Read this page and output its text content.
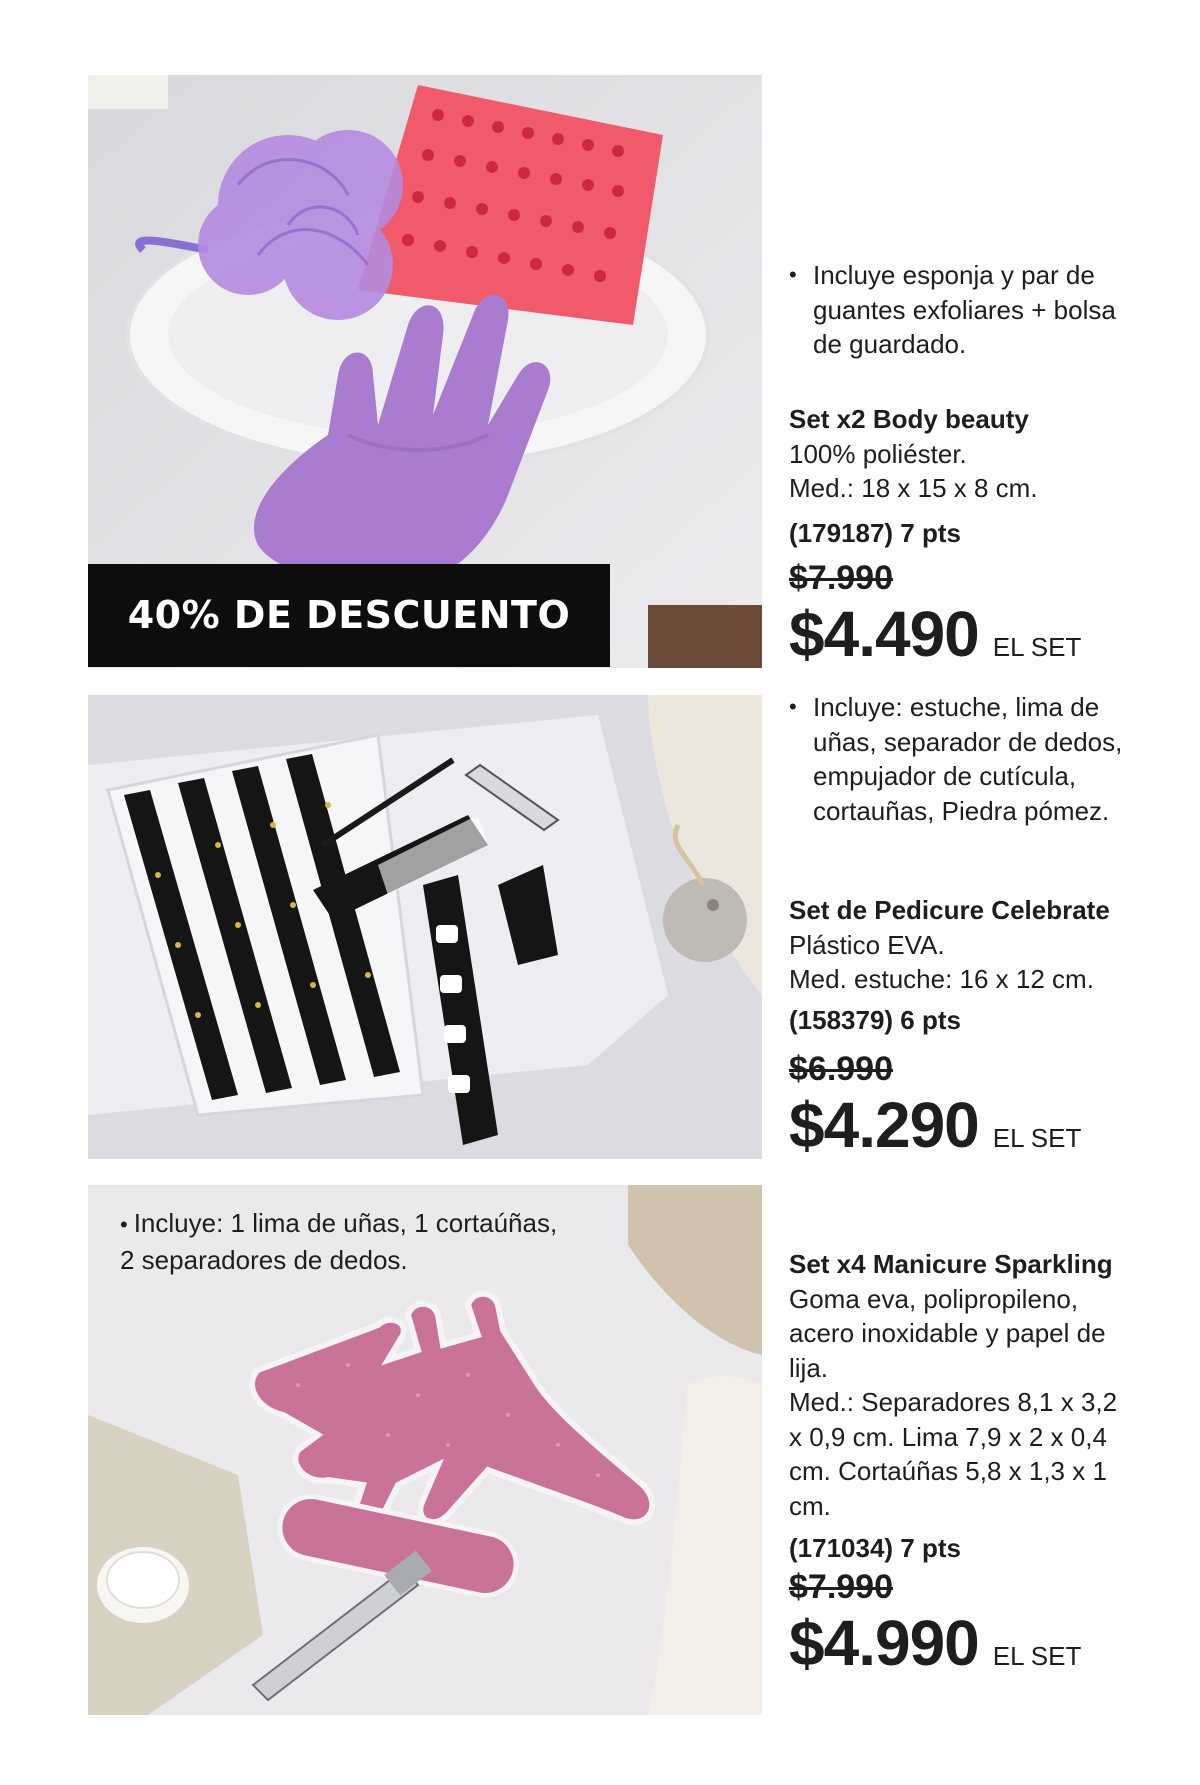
40% DE DESCUENTO
• Incluye: 1 lima de uñas, 1 cortaúñas,
2 separadores de dedos.

• Incluye esponja y par de guantes exfoliares + bolsa de guardado.

Set x2 Body beauty

100% poliéster.
Med.: 18 x 15 x 8 cm.

(179187) 7 pts

$7.990

$4.490 EL SET

• Incluye: estuche, lima de uñas, separador de dedos, empujador de cutícula, cortauñas, Piedra pómez.

Set de Pedicure Celebrate

Plástico EVA.
Med. estuche: 16 x 12 cm.

(158379) 6 pts

$6.990

$4.290 EL SET

Set x4 Manicure Sparkling

Goma eva, polipropileno, acero inoxidable y papel de lija.
Med.: Separadores 8,1 x 3,2 x 0,9 cm. Lima 7,9 x 2 x 0,4 cm. Cortaúñas 5,8 x 1,3 x 1 cm.

(171034) 7 pts

$7.990

$4.990 EL SET
